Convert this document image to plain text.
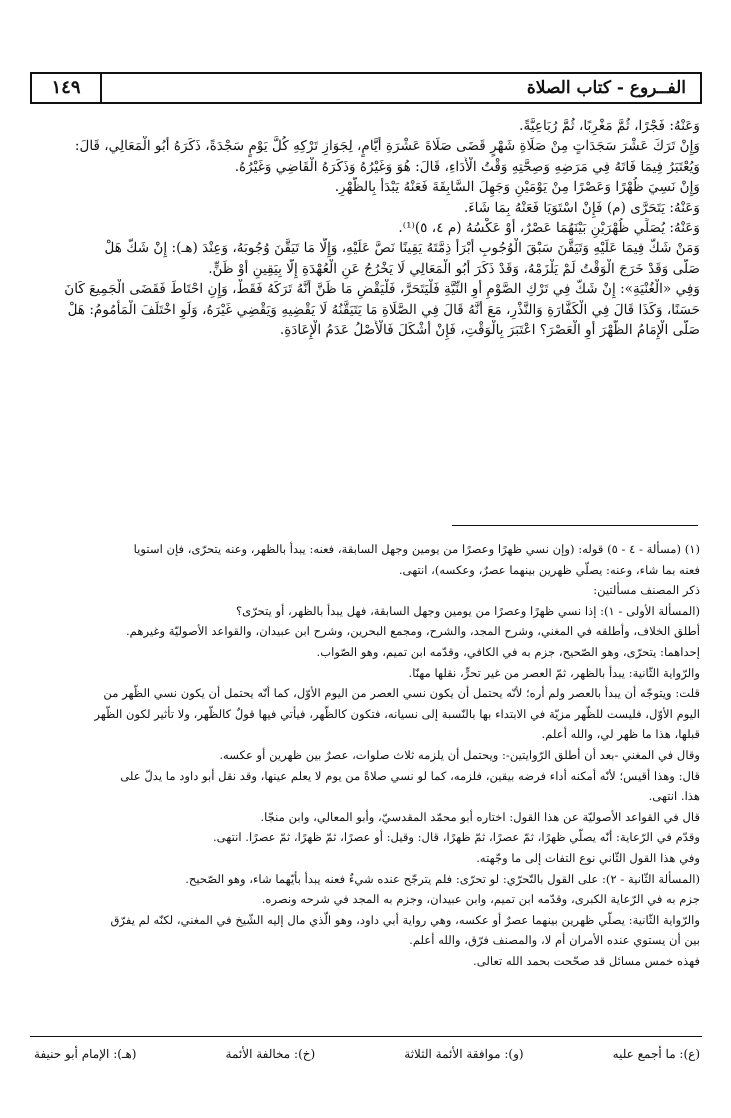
١٤٩	الفــروع - كتاب الصلاة

وَعَنْهُ: فَجْرًا، ثُمَّ مَغْرِبًا، ثُمَّ رُبَاعِيَّةً.

وَإِنْ تَرَكَ عَشْرَ سَجَدَاتٍ مِنْ صَلَاةِ شَهْرٍ قَضَى صَلَاةَ عَشْرَةِ أَيَّامٍ، لِجَوَازِ تَرْكِهِ كُلَّ يَوْمٍ سَجْدَةً، ذَكَرَهُ أَبُو الْمَعَالِي، قَالَ:

وَيُعْتَبَرُ فِيمَا فَاتَهُ فِي مَرَضِهِ وَصِحَّتِهِ وَقْتُ الْأَدَاءِ، قَالَ: هُوَ وَغَيْرُهُ وَذَكَرَهُ الْقَاضِي وَغَيْرُهُ.

وَإِنْ نَسِيَ ظُهْرًا وَعَصْرًا مِنْ يَوْمَيْنِ وَجَهِلَ السَّابِقَةَ فَعَنْهُ يَبْدَأُ بِالظُّهْرِ.

وَعَنْهُ: يَتَحَرَّى (م) فَإِنْ اسْتَوَيَا فَعَنْهُ بِمَا شَاءَ.

وَعَنْهُ: يُصَلِّي ظُهْرَيْنِ بَيْنَهُمَا عَصْرٌ، أَوْ عَكْسُهُ (م ٤، ٥)⁽¹⁾.

وَمَنْ شَكَّ فِيمَا عَلَيْهِ وَتَيَقَّنَ سَبْقَ الْوُجُوبِ أَبْرَأَ ذِمَّتَهُ يَقِينًا نَصَّ عَلَيْهِ، وَإِلَّا مَا تَيَقَّنَ وُجُوبَهُ، وَعِنْدَ (هـ): إِنْ شَكَّ هَلْ

صَلَّى وَقَدْ خَرَجَ الْوَقْتُ لَمْ يَلْزَمْهُ، وَقَدْ ذَكَرَ أَبُو الْمَعَالِي لَا يَخْرُجُ عَنِ الْعُهْدَةِ إِلَّا بِيَقِينٍ أَوْ ظَنٍّ.

وَفِي «الْغُنْيَةِ»: إِنْ شَكَّ فِي تَرْكِ الصَّوْمِ أَوِ النِّيَّةِ فَلْيَتَحَرَّ، فَلْيَقْضِ مَا ظَنَّ أَنَّهُ تَرَكَهُ فَقَطْ، وَإِنِ احْتَاطَ فَقَضَى الْجَمِيعَ كَانَ

حَسَنًا، وَكَذَا قَالَ فِي الْكَفَّارَةِ وَالنَّذْرِ، مَعَ أَنَّهُ قَالَ فِي الصَّلَاةِ مَا يَتَيَقَّنُهُ لَا يَقْضِيهِ وَيَقْضِي غَيْرَهُ، وَلَوِ اخْتَلَفَ الْمَأْمُومُ: هَلْ

صَلَّى الْإِمَامُ الظُّهْرَ أَوِ الْعَصْرَ؟ اعْتَبَرَ بِالْوَقْتِ، فَإِنْ أَشْكَلَ فَالْأَصْلُ عَدَمُ الْإِعَادَةِ.

(١) (مسألة - ٤ - ٥) قوله: (وإن نسي ظهرًا وعصرًا من يومين وجهل السابقة، فعنه: يبدأ بالظهر، وعنه يتحرّى، فإن استويا

فعنه بما شاء، وعنه: يصلّي ظهرين بينهما عصرٌ، وعكسه)، انتهى.

ذكر المصنف مسألتين:

(المسألة الأولى - ١): إذا نسي ظهرًا وعصرًا من يومين وجهل السابقة، فهل يبدأ بالظهر، أو يتحرّى؟

أطلق الخلاف، وأطلقه في المغني، وشرح المجد، والشرح، ومجمع البحرين، وشرح ابن عبيدان، والقواعد الأصوليّة وغيرهم.

إحداهما: يتحرّى، وهو الصّحيح، جزم به في الكافي، وقدّمه ابن تميم، وهو الصّواب.

والرّواية الثّانية: يبدأ بالظهر، ثمّ العصر من غير تحرٍّ، نقلها مهنّا.

قلت: ويتوجّه أن يبدأ بالعصر ولم أره؛ لأنّه يحتمل أن يكون نسي العصر من اليوم الأوّل، كما أنّه يحتمل أن يكون نسي الظّهر من

اليوم الأوّل، فليست للظّهر مزيّة في الابتداء بها بالنّسبة إلى نسيانه، فتكون كالظّهر، فيأتي فيها قولٌ كالظّهر، ولا تأثير لكون الظّهر

قبلها، هذا ما ظهر لي، والله أعلم.

وقال في المغني -بعد أن أطلق الرّوايتين-: ويحتمل أن يلزمه ثلاث صلوات، عصرٌ بين ظهرين أو عكسه.

قال: وهذا أقيس؛ لأنّه أمكنه أداء فرضه بيقين، فلزمه، كما لو نسي صلاةً من يوم لا يعلم عينها، وقد نقل أبو داود ما يدلّ على

هذا. انتهى.

قال في القواعد الأصوليّة عن هذا القول: اختاره أبو محمّد المقدسيّ، وأبو المعالي، وابن منجّا.

وقدّم في الرّعاية: أنّه يصلّي ظهرًا، ثمّ عصرًا، ثمّ ظهرًا، قال: وقيل: أو عصرًا، ثمّ ظهرًا، ثمّ عصرًا. انتهى.

وفي هذا القول الثّاني نوع التفات إلى ما وجّهته.

(المسألة الثّانية - ٢): على القول بالتّحرّي: لو تحرّى: فلم يترجّح عنده شيءٌ فعنه يبدأ بأيّهما شاء، وهو الصّحيح.

جزم به في الرّعاية الكبرى، وقدّمه ابن تميم، وابن عبيدان، وجزم به المجد في شرحه ونصره.

والرّواية الثّانية: يصلّي ظهرين بينهما عصرٌ أو عكسه، وهي رواية أبي داود، وهو الّذي مال إليه الشّيخ في المغني، لكنّه لم يفرّق

بين أن يستوي عنده الأمران أم لا، والمصنف فرّق، والله أعلم.

فهذه خمس مسائل قد صحّحت بحمد الله تعالى.

(ع): ما أجمع عليه
(و): موافقة الأئمة الثلاثة
(خ): مخالفة الأئمة
(هـ): الإمام أبو حنيفة
